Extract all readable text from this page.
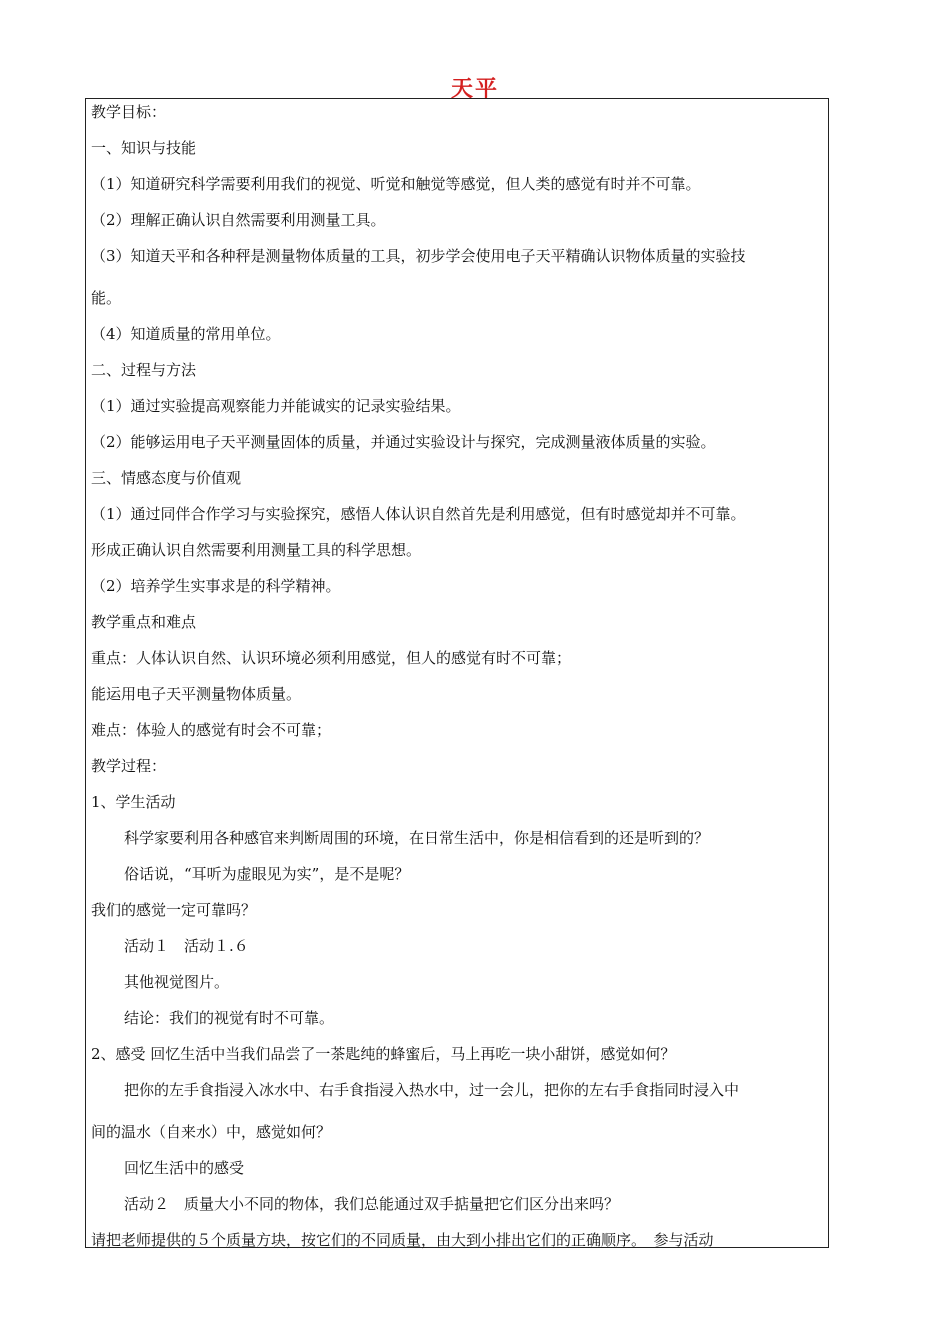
天平
教学目标：
一、知识与技能
（1）知道研究科学需要利用我们的视觉、听觉和触觉等感觉，但人类的感觉有时并不可靠。
（2）理解正确认识自然需要利用测量工具。
（3）知道天平和各种秤是测量物体质量的工具，初步学会使用电子天平精确认识物体质量的实验技
能。
（4）知道质量的常用单位。
二、过程与方法
（1）通过实验提高观察能力并能诚实的记录实验结果。
（2）能够运用电子天平测量固体的质量，并通过实验设计与探究，完成测量液体质量的实验。
三、情感态度与价值观
（1）通过同伴合作学习与实验探究，感悟人体认识自然首先是利用感觉，但有时感觉却并不可靠。
形成正确认识自然需要利用测量工具的科学思想。
（2）培养学生实事求是的科学精神。
教学重点和难点
重点：人体认识自然、认识环境必须利用感觉，但人的感觉有时不可靠；
能运用电子天平测量物体质量。
难点：体验人的感觉有时会不可靠；
教学过程：
1、学生活动
科学家要利用各种感官来判断周围的环境，在日常生活中，你是相信看到的还是听到的？
俗话说，“耳听为虚眼见为实”，是不是呢？
我们的感觉一定可靠吗？
活动１　活动１.６
其他视觉图片。
结论：我们的视觉有时不可靠。
2、感受 回忆生活中当我们品尝了一茶匙纯的蜂蜜后，马上再吃一块小甜饼，感觉如何？
把你的左手食指浸入冰水中、右手食指浸入热水中，过一会儿，把你的左右手食指同时浸入中
间的温水（自来水）中，感觉如何？
回忆生活中的感受
活动２　质量大小不同的物体，我们总能通过双手掂量把它们区分出来吗？
请把老师提供的５个质量方块，按它们的不同质量，由大到小排出它们的正确顺序。　参与活动
